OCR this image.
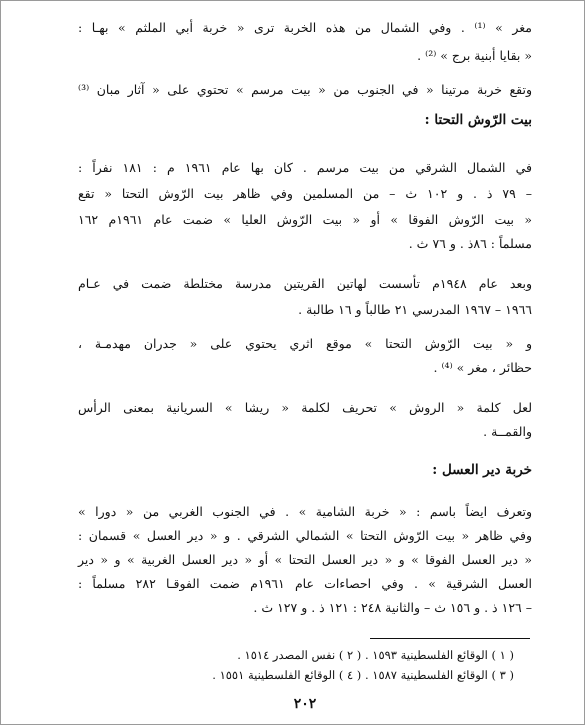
مغر » ⁽¹⁾ . وفي الشمال من هذه الخربة ترى « خربة أبي الملثم » بهـا :
« بقايا أبنية برج » ⁽²⁾ .
وتقع خربة مرتينا « في الجنوب من « بيت مرسم » تحتوي على « آثار مبان ⁽³⁾
بيت الرّوش التحتا :
في الشمال الشرقي من بيت مرسم . كان بها عام ١٩٦١ م : ١٨١ نفراً :
– ٧٩ ذ . و ١٠٢ ث – من المسلمين وفي ظاهر بيت الرّوش التحتا « تقع
« بيت الرّوش الفوقا » أو « بيت الرّوش العليا » ضمت عام ١٩٦١م ١٦٢
مسلماً : ٨٦ذ . و ٧٦ ث .
وبعد عام ١٩٤٨م تأسست لهاتين القريتين مدرسة مختلطة ضمت في عـام
١٩٦٦ – ١٩٦٧ المدرسي ٢١ طالباً و ١٦ طالبة .
و « بيت الرّوش التحتا » موقع اثري يحتوي على « جدران مهدمـة ،
حظائر ، مغر » ⁽⁴⁾ .
لعل كلمة « الروش » تحريف لكلمة « ريشا » السريانية بمعنى الرأس
والقمــة .
خربة دير العسل :
وتعرف ايضاً باسم : « خربة الشامية » . في الجنوب الغربي من « دورا »
وفي ظاهر « بيت الرّوش التحتا » الشمالي الشرقي . و « دير العسل » قسمان :
« دير العسل الفوقا » و « دير العسل التحتا » أو « دير العسل الغربية » و « دير
العسل الشرقية » . وفي احصاءات عام ١٩٦١م ضمت الفوقـا ٢٨٢ مسلماً :
– ١٢٦ ذ . و ١٥٦ ث – والثانية ٢٤٨ : ١٢١ ذ . و ١٢٧ ث .
( ١ ) الوقائع الفلسطينية ١٥٩٣ . ( ٢ ) نفس المصدر ١٥١٤ .
( ٣ ) الوقائع الفلسطينية ١٥٨٧ . ( ٤ ) الوقائع الفلسطينية ١٥٥١ .
٢٠٢
